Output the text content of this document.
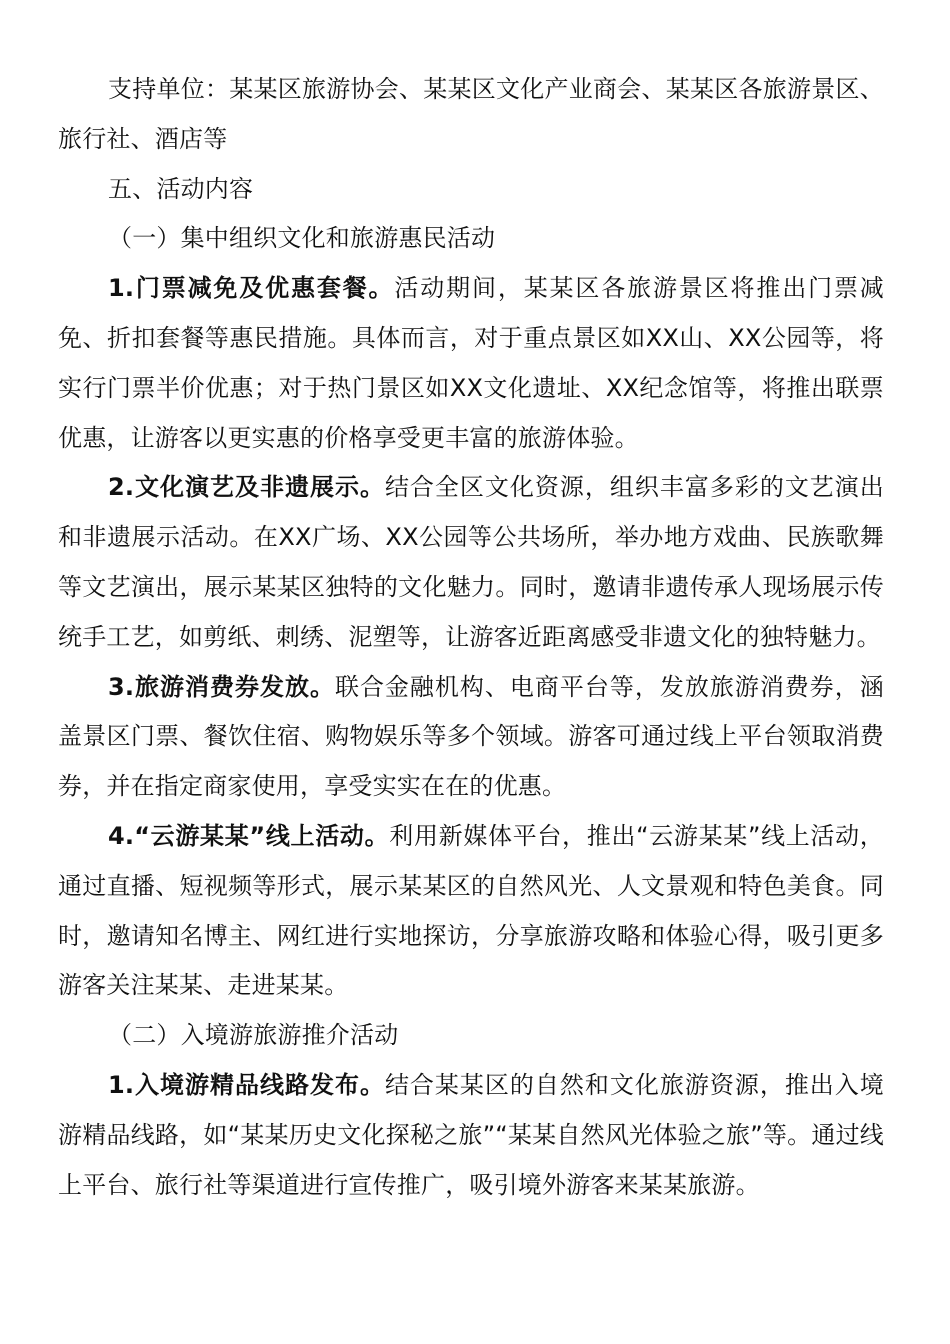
支持单位：某某区旅游协会、某某区文化产业商会、某某区各旅游景区、旅行社、酒店等

五、活动内容

（一）集中组织文化和旅游惠民活动

1.门票减免及优惠套餐。活动期间，某某区各旅游景区将推出门票减免、折扣套餐等惠民措施。具体而言，对于重点景区如XX山、XX公园等，将实行门票半价优惠；对于热门景区如XX文化遗址、XX纪念馆等，将推出联票优惠，让游客以更实惠的价格享受更丰富的旅游体验。

2.文化演艺及非遗展示。结合全区文化资源，组织丰富多彩的文艺演出和非遗展示活动。在XX广场、XX公园等公共场所，举办地方戏曲、民族歌舞等文艺演出，展示某某区独特的文化魅力。同时，邀请非遗传承人现场展示传统手工艺，如剪纸、刺绣、泥塑等，让游客近距离感受非遗文化的独特魅力。

3.旅游消费券发放。联合金融机构、电商平台等，发放旅游消费券，涵盖景区门票、餐饮住宿、购物娱乐等多个领域。游客可通过线上平台领取消费券，并在指定商家使用，享受实实在在的优惠。

4.“云游某某”线上活动。利用新媒体平台，推出“云游某某”线上活动，通过直播、短视频等形式，展示某某区的自然风光、人文景观和特色美食。同时，邀请知名博主、网红进行实地探访，分享旅游攻略和体验心得，吸引更多游客关注某某、走进某某。

（二）入境游旅游推介活动

1.入境游精品线路发布。结合某某区的自然和文化旅游资源，推出入境游精品线路，如“某某历史文化探秘之旅”“某某自然风光体验之旅”等。通过线上平台、旅行社等渠道进行宣传推广，吸引境外游客来某某旅游。
